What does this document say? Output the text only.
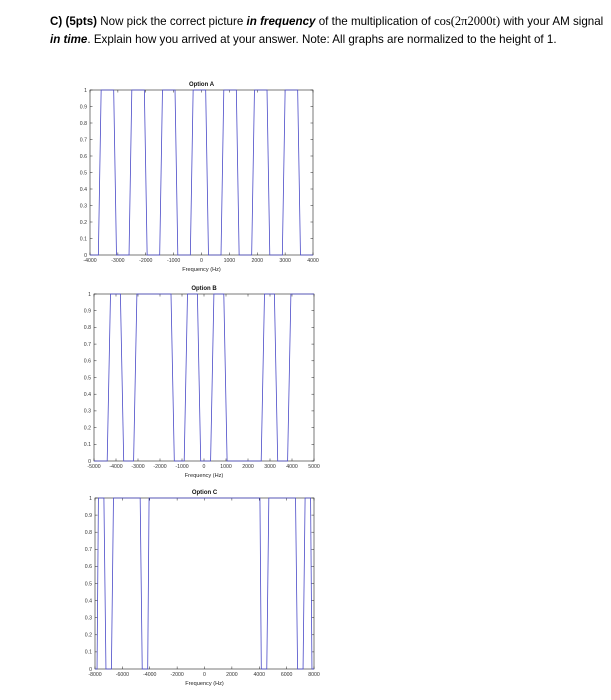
C) (5pts) Now pick the correct picture in frequency of the multiplication of cos(2π2000t) with your AM signal in time. Explain how you arrived at your answer. Note: All graphs are normalized to the height of 1.
Option A
Frequency (Hz)
-4000	-3000	-2000	-1000	0	1000	2000	3000	4000
0
0.1
0.2
0.3
0.4
0.5
0.6
0.7
0.8
0.9
1
Option B
Frequency (Hz)
-5000 -4000 -3000 -2000 -1000	0	1000 2000 3000 4000 5000
0
0.1
0.2
0.3
0.4
0.5
0.6
0.7
0.8
0.9
1
Option C
Frequency (Hz)
-8000	-6000	-4000	-2000	0	2000	4000	6000	8000
0
0.1
0.2
0.3
0.4
0.5
0.6
0.7
0.8
0.9
1
